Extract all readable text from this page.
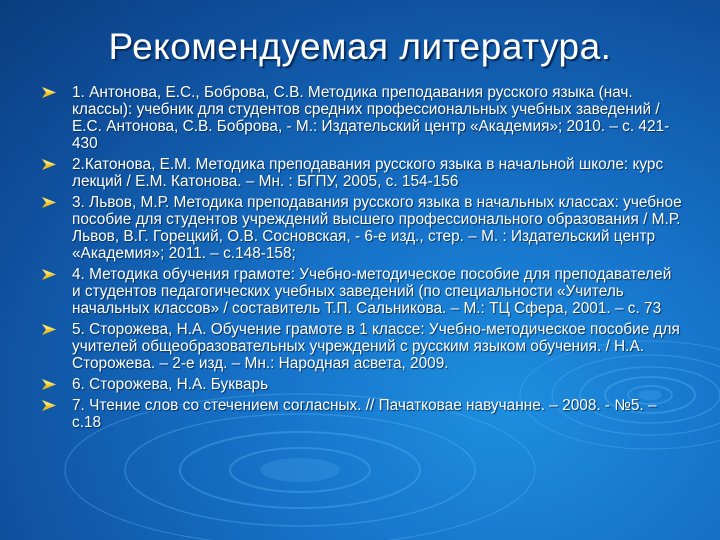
Рекомендуемая литература.
1. Антонова, Е.С., Боброва, С.В. Методика преподавания русского языка (нач. классы): учебник для студентов средних профессиональных учебных заведений / Е.С. Антонова, С.В. Боброва, - М.: Издательский центр «Академия»; 2010. – с. 421-430
2.Катонова, Е.М. Методика преподавания русского языка в начальной школе: курс лекций / Е.М. Катонова. – Мн. : БГПУ, 2005, с. 154-156
3. Львов, М.Р. Методика преподавания русского языка в начальных классах: учебное пособие для студентов учреждений высшего профессионального образования / М.Р. Львов, В.Г. Горецкий, О.В. Сосновская, - 6-е изд., стер. – М. : Издательский центр «Академия»; 2011. – с.148-158;
4. Методика обучения грамоте: Учебно-методическое пособие для преподавателей и студентов педагогических учебных заведений (по специальности «Учитель начальных классов» / составитель Т.П. Сальникова. – М.: ТЦ Сфера, 2001. – с. 73
5. Сторожева, Н.А. Обучение грамоте в 1 классе: Учебно-методическое пособие для учителей общеобразовательных учреждений с русским языком обучения. / Н.А. Сторожева. – 2-е изд. – Мн.: Народная асвета, 2009.
6. Сторожева, Н.А. Букварь
7. Чтение слов со стечением согласных. // Пачатковае навучанне. – 2008. - №5. – с.18
